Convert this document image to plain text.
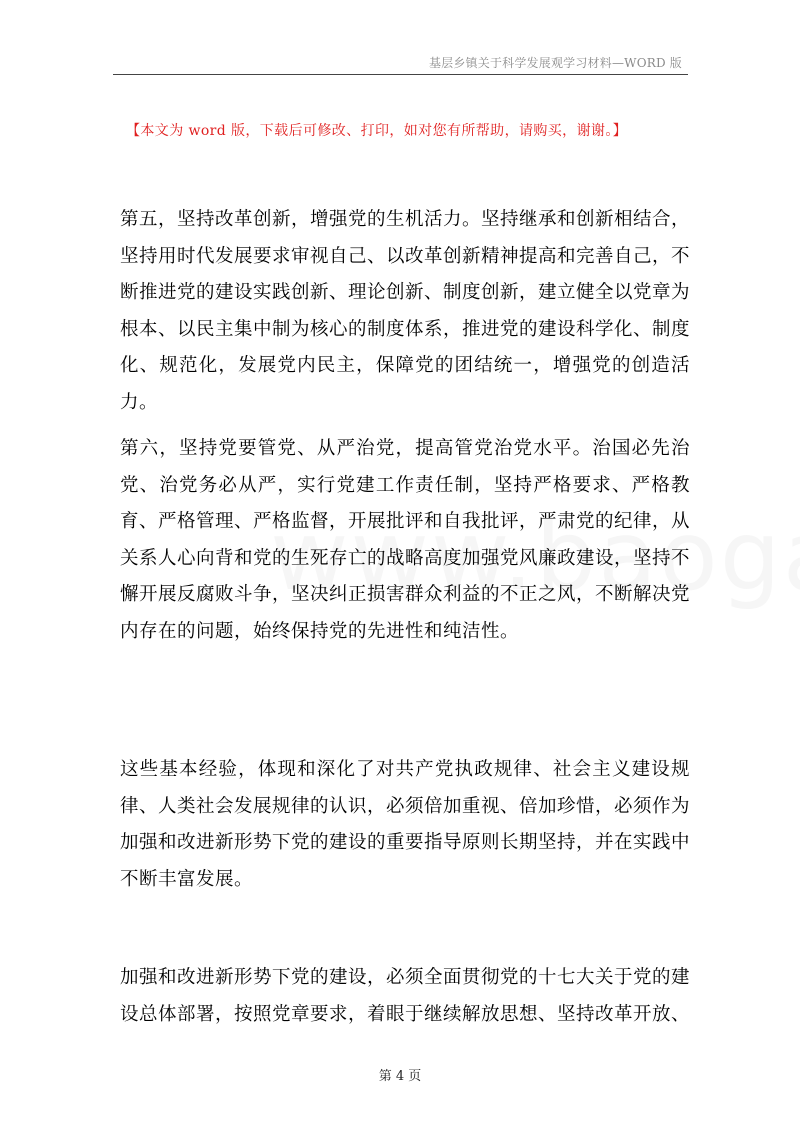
基层乡镇关于科学发展观学习材料—WORD 版
【本文为 word 版，下载后可修改、打印，如对您有所帮助，请购买，谢谢。】
第五，坚持改革创新，增强党的生机活力。坚持继承和创新相结合，坚持用时代发展要求审视自己、以改革创新精神提高和完善自己，不断推进党的建设实践创新、理论创新、制度创新，建立健全以党章为根本、以民主集中制为核心的制度体系，推进党的建设科学化、制度化、规范化，发展党内民主，保障党的团结统一，增强党的创造活力。
第六，坚持党要管党、从严治党，提高管党治党水平。治国必先治党、治党务必从严，实行党建工作责任制，坚持严格要求、严格教育、严格管理、严格监督，开展批评和自我批评，严肃党的纪律，从关系人心向背和党的生死存亡的战略高度加强党风廉政建设，坚持不懈开展反腐败斗争，坚决纠正损害群众利益的不正之风，不断解决党内存在的问题，始终保持党的先进性和纯洁性。
这些基本经验，体现和深化了对共产党执政规律、社会主义建设规律、人类社会发展规律的认识，必须倍加重视、倍加珍惜，必须作为加强和改进新形势下党的建设的重要指导原则长期坚持，并在实践中不断丰富发展。
加强和改进新形势下党的建设，必须全面贯彻党的十七大关于党的建设总体部署，按照党章要求，着眼于继续解放思想、坚持改革开放、
第 4 页
